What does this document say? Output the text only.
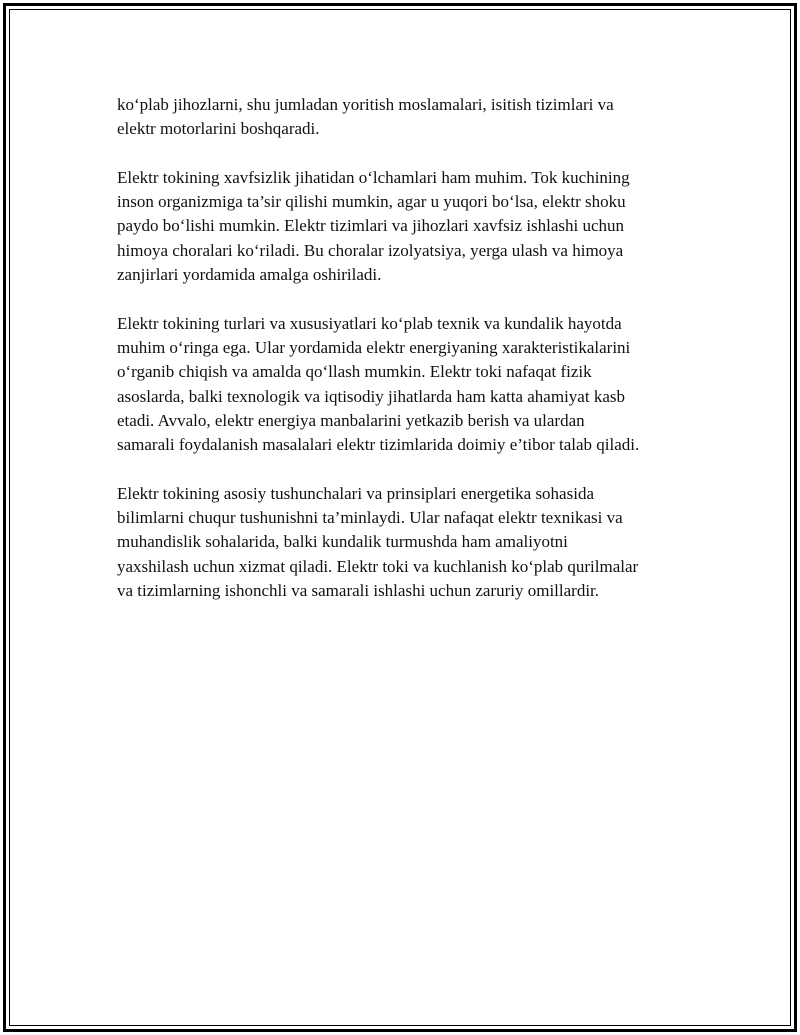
ko‘plab jihozlarni, shu jumladan yoritish moslamalari, isitish tizimlari va
elektr motorlarini boshqaradi.

Elektr tokining xavfsizlik jihatidan o‘lchamlari ham muhim. Tok kuchining
inson organizmiga ta’sir qilishi mumkin, agar u yuqori bo‘lsa, elektr shoku
paydo bo‘lishi mumkin. Elektr tizimlari va jihozlari xavfsiz ishlashi uchun
himoya choralari ko‘riladi. Bu choralar izolyatsiya, yerga ulash va himoya
zanjirlari yordamida amalga oshiriladi.

Elektr tokining turlari va xususiyatlari ko‘plab texnik va kundalik hayotda
muhim o‘ringa ega. Ular yordamida elektr energiyaning xarakteristikalarini
o‘rganib chiqish va amalda qo‘llash mumkin. Elektr toki nafaqat fizik
asoslarda, balki texnologik va iqtisodiy jihatlarda ham katta ahamiyat kasb
etadi. Avvalo, elektr energiya manbalarini yetkazib berish va ulardan
samarali foydalanish masalalari elektr tizimlarida doimiy e’tibor talab qiladi.

Elektr tokining asosiy tushunchalari va prinsiplari energetika sohasida
bilimlarni chuqur tushunishni ta’minlaydi. Ular nafaqat elektr texnikasi va
muhandislik sohalarida, balki kundalik turmushda ham amaliyotni
yaxshilash uchun xizmat qiladi. Elektr toki va kuchlanish ko‘plab qurilmalar
va tizimlarning ishonchli va samarali ishlashi uchun zaruriy omillardir.
